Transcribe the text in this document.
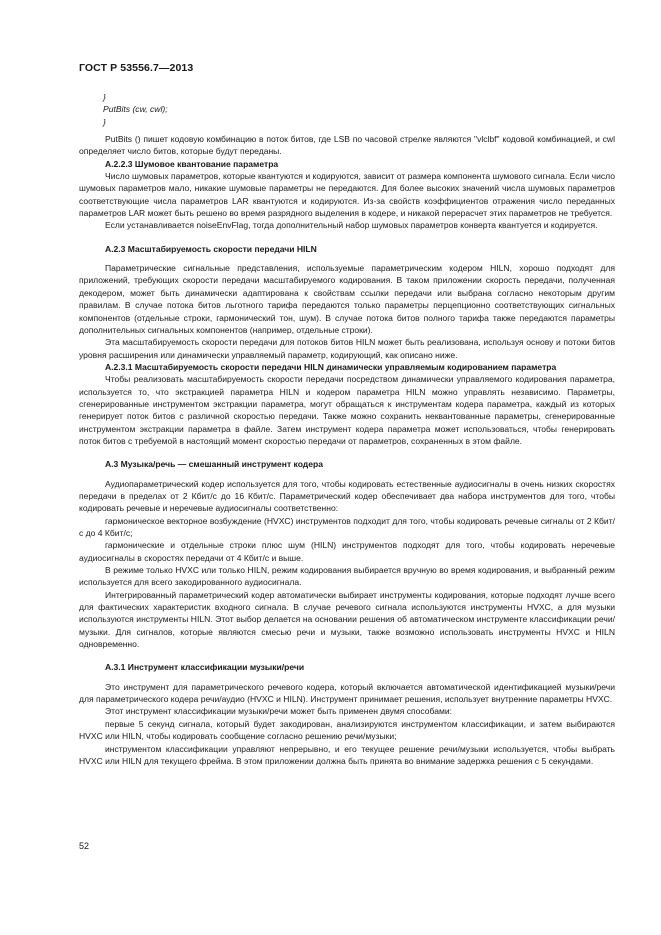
ГОСТ Р 53556.7—2013
}
PutBits (cw, cwl);
}
PutBits () пишет кодовую комбинацию в поток битов, где LSB по часовой стрелке являются "vlclbf" кодовой комбинацией, и cwl определяет число битов, которые будут переданы.
А.2.2.3 Шумовое квантование параметра
Число шумовых параметров, которые квантуются и кодируются, зависит от размера компонента шумового сигнала. Если число шумовых параметров мало, никакие шумовые параметры не передаются. Для более высоких значений числа шумовых параметров соответствующие числа параметров LAR квантуются и кодируются. Из-за свойств коэффициентов отражения число переданных параметров LAR может быть решено во время разрядного выделения в кодере, и никакой перерасчет этих параметров не требуется.
Если устанавливается noiseEnvFlag, тогда дополнительный набор шумовых параметров конверта квантуется и кодируется.
А.2.3 Масштабируемость скорости передачи HILN
Параметрические сигнальные представления, используемые параметрическим кодером HILN, хорошо подходят для приложений, требующих скорости передачи масштабируемого кодирования. В таком приложении скорость передачи, полученная декодером, может быть динамически адаптирована к свойствам ссылки передачи или выбрана согласно некоторым другим правилам. В случае потока битов льготного тарифа передаются только параметры перцепционно соответствующих сигнальных компонентов (отдельные строки, гармонический тон, шум). В случае потока битов полного тарифа также передаются параметры дополнительных сигнальных компонентов (например, отдельные строки).
Эта масштабируемость скорости передачи для потоков битов HILN может быть реализована, используя основу и потоки битов уровня расширения или динамически управляемый параметр, кодирующий, как описано ниже.
А.2.3.1 Масштабируемость скорости передачи HILN динамически управляемым кодированием параметра
Чтобы реализовать масштабируемость скорости передачи посредством динамически управляемого кодирования параметра, используется то, что экстракцией параметра HILN и кодером параметра HILN можно управлять независимо. Параметры, сгенерированные инструментом экстракции параметра, могут обращаться к инструментам кодера параметра, каждый из которых генерирует поток битов с различной скоростью передачи. Также можно сохранить неквантованные параметры, сгенерированные инструментом экстракции параметра в файле. Затем инструмент кодера параметра может использоваться, чтобы генерировать поток битов с требуемой в настоящий момент скоростью передачи от параметров, сохраненных в этом файле.
А.3 Музыка/речь — смешанный инструмент кодера
Аудиопараметрический кодер используется для того, чтобы кодировать естественные аудиосигналы в очень низких скоростях передачи в пределах от 2 Кбит/с до 16 Кбит/с. Параметрический кодер обеспечивает два набора инструментов для того, чтобы кодировать речевые и неречевые аудиосигналы соответственно:
гармоническое векторное возбуждение (HVXC) инструментов подходит для того, чтобы кодировать речевые сигналы от 2 Кбит/с до 4 Кбит/с;
гармонические и отдельные строки плюс шум (HILN) инструментов подходят для того, чтобы кодировать неречевые аудиосигналы в скоростях передачи от 4 Кбит/с и выше.
В режиме только HVXC или только HILN, режим кодирования выбирается вручную во время кодирования, и выбранный режим используется для всего закодированного аудиосигнала.
Интегрированный параметрический кодер автоматически выбирает инструменты кодирования, которые подходят лучше всего для фактических характеристик входного сигнала. В случае речевого сигнала используются инструменты HVXC, а для музыки используются инструменты HILN. Этот выбор делается на основании решения об автоматическом инструменте классификации речи/музыки. Для сигналов, которые являются смесью речи и музыки, также возможно использовать инструменты HVXC и HILN одновременно.
А.3.1 Инструмент классификации музыки/речи
Это инструмент для параметрического речевого кодера, который включается автоматической идентификацией музыки/речи для параметрического кодера речи/аудио (HVXC и HILN). Инструмент принимает решения, использует внутренние параметры HVXC.
Этот инструмент классификации музыки/речи может быть применен двумя способами:
первые 5 секунд сигнала, который будет закодирован, анализируются инструментом классификации, и затем выбираются HVXC или HILN, чтобы кодировать сообщение согласно решению речи/музыки;
инструментом классификации управляют непрерывно, и его текущее решение речи/музыки используется, чтобы выбрать HVXC или HILN для текущего фрейма. В этом приложении должна быть принята во внимание задержка решения с 5 секундами.
52
